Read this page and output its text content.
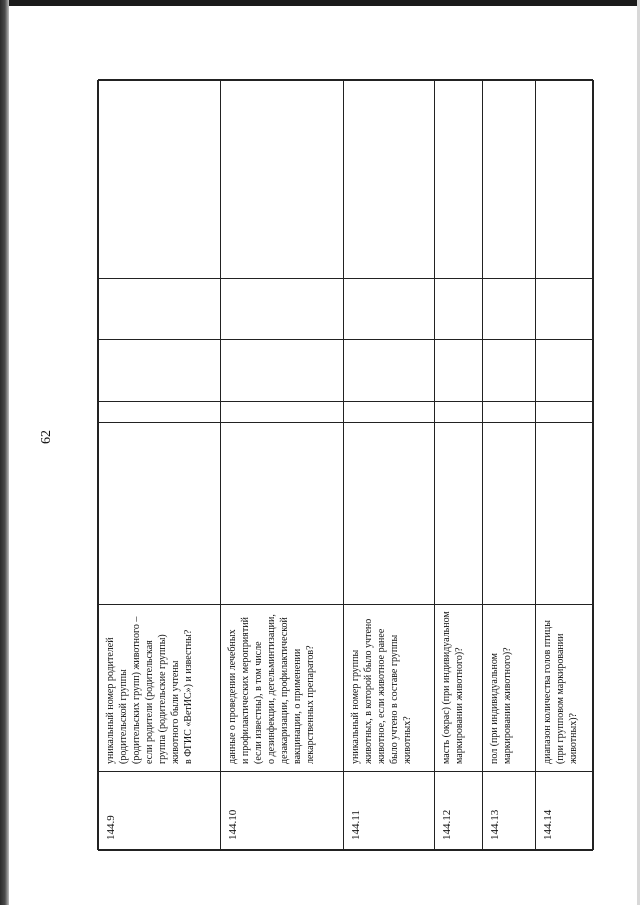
62
144.9
уникальный номер родителей (родительской группы (родительских групп) животного – если родители (родительская группа (родительские группы) животного были учтены в ФГИС «ВетИС») и известны?
144.10
данные о проведении лечебных и профилактических мероприятий (если известны), в том числе о дезинфекции, дегельминтизации, дезакаризации, профилактической вакцинации, о применении лекарственных препаратов?
144.11
уникальный номер группы животных, в которой было учтено животное, если животное ранее было учтено в составе группы животных?
144.12
масть (окрас) (при индивидуальном маркировании животного)?
144.13
пол (при индивидуальном маркировании животного)?
144.14
диапазон количества голов птицы (при групповом маркировании животных)?
